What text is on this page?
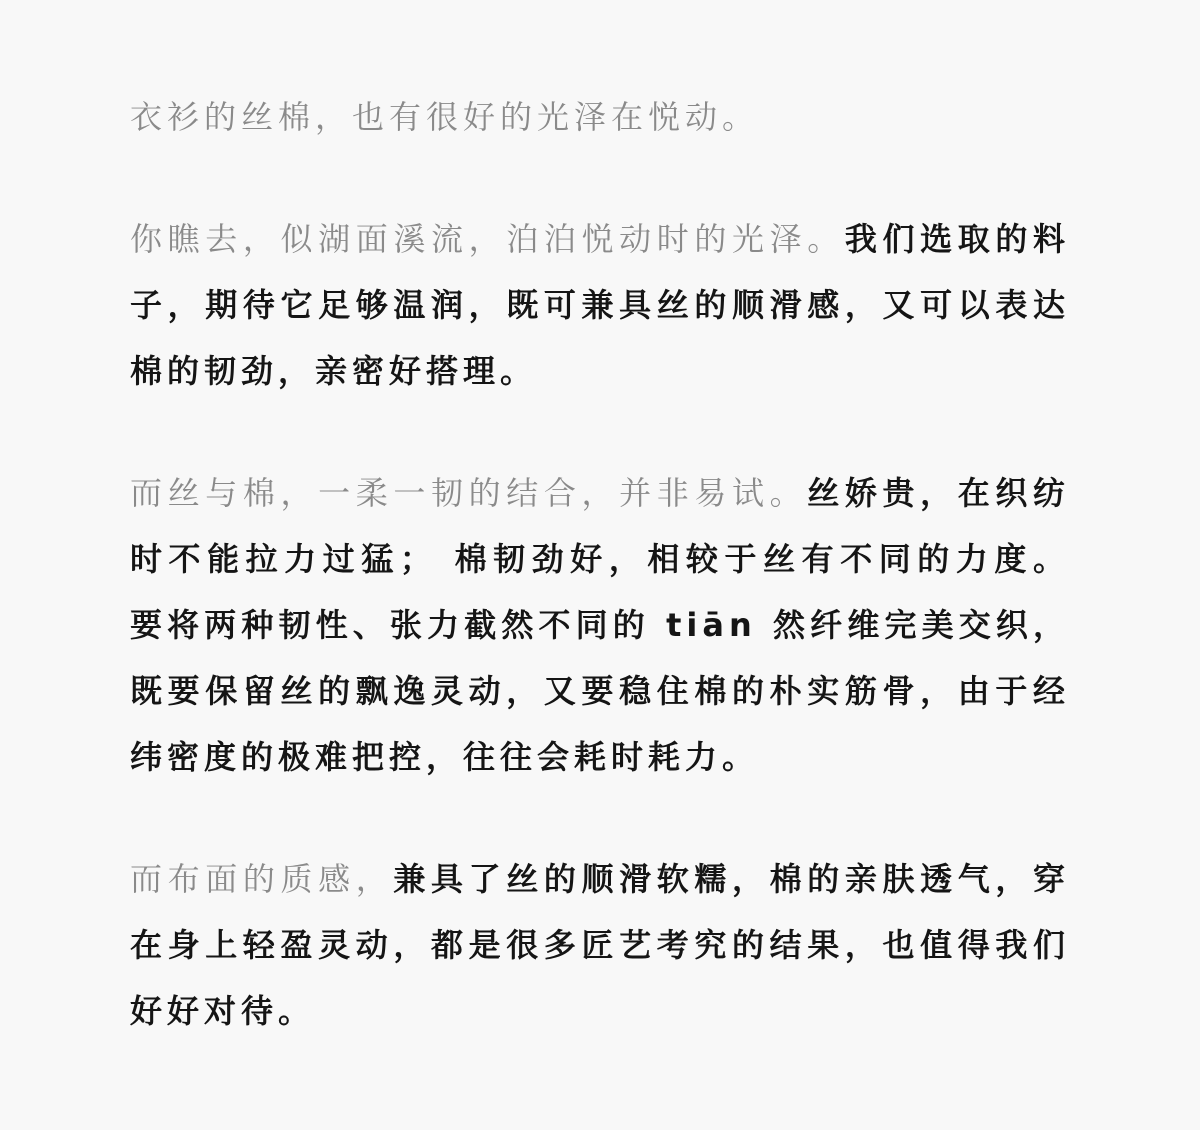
衣衫的丝棉，也有很好的光泽在悦动。

你瞧去，似湖面溪流，泊泊悦动时的光泽。我们选取的料子，期待它足够温润，既可兼具丝的顺滑感，又可以表达棉的韧劲，亲密好搭理。

而丝与棉，一柔一韧的结合，并非易试。丝娇贵，在织纺时不能拉力过猛； 棉韧劲好，相较于丝有不同的力度。要将两种韧性、张力截然不同的 tiān 然纤维完美交织，既要保留丝的飘逸灵动，又要稳住棉的朴实筋骨，由于经纬密度的极难把控，往往会耗时耗力。

而布面的质感，兼具了丝的顺滑软糯，棉的亲肤透气，穿在身上轻盈灵动，都是很多匠艺考究的结果，也值得我们好好对待。
